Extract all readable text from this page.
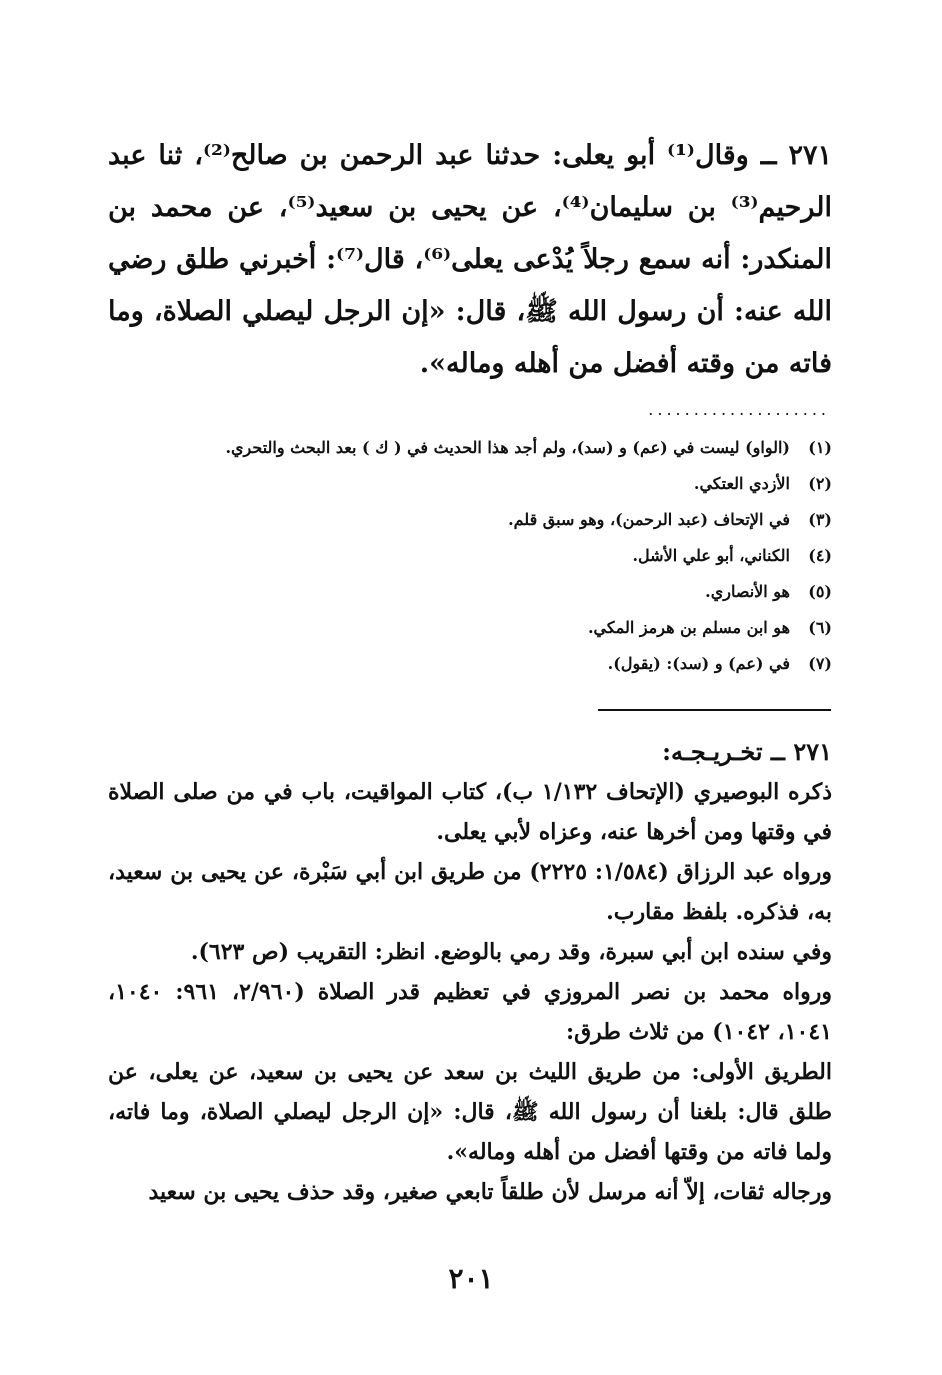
٢٧١ ــ وقال⁽¹⁾ أبو يعلى: حدثنا عبد الرحمن بن صالح⁽²⁾، ثنا عبد الرحيم⁽³⁾ بن سليمان⁽⁴⁾، عن يحيى بن سعيد⁽⁵⁾، عن محمد بن المنكدر: أنه سمع رجلاً يُدْعى يعلى⁽⁶⁾، قال⁽⁷⁾: أخبرني طلق رضي الله عنه: أن رسول الله ﷺ، قال: «إن الرجل ليصلي الصلاة، وما فاته من وقته أفضل من أهله وماله».
....................
(١)(الواو) ليست في (عم) و (سد)، ولم أجد هذا الحديث في ( ك ) بعد البحث والتحري.
(٢)الأزدي العتكي.
(٣)في الإتحاف (عبد الرحمن)، وهو سبق قلم.
(٤)الكناني، أبو علي الأشل.
(٥)هو الأنصاري.
(٦)هو ابن مسلم بن هرمز المكي.
(٧)في (عم) و (سد): (يقول).

٢٧١ ــ تخـريـجـه:

ذكره البوصيري (الإتحاف ١/١٣٢ ب)، كتاب المواقيت، باب في من صلى الصلاة في وقتها ومن أخرها عنه، وعزاه لأبي يعلى.

ورواه عبد الرزاق (١/٥٨٤: ٢٢٢٥) من طريق ابن أبي سَبْرة، عن يحيى بن سعيد، به، فذكره. بلفظ مقارب.

وفي سنده ابن أبي سبرة، وقد رمي بالوضع. انظر: التقريب (ص ٦٢٣).

ورواه محمد بن نصر المروزي في تعظيم قدر الصلاة (٢/٩٦٠، ٩٦١: ١٠٤٠، ١٠٤١، ١٠٤٢) من ثلاث طرق:

الطريق الأولى: من طريق الليث بن سعد عن يحيى بن سعيد، عن يعلى، عن طلق قال: بلغنا أن رسول الله ﷺ، قال: «إن الرجل ليصلي الصلاة، وما فاته، ولما فاته من وقتها أفضل من أهله وماله».

ورجاله ثقات، إلاّ أنه مرسل لأن طلقاً تابعي صغير، وقد حذف يحيى بن سعيد

٢٠١
